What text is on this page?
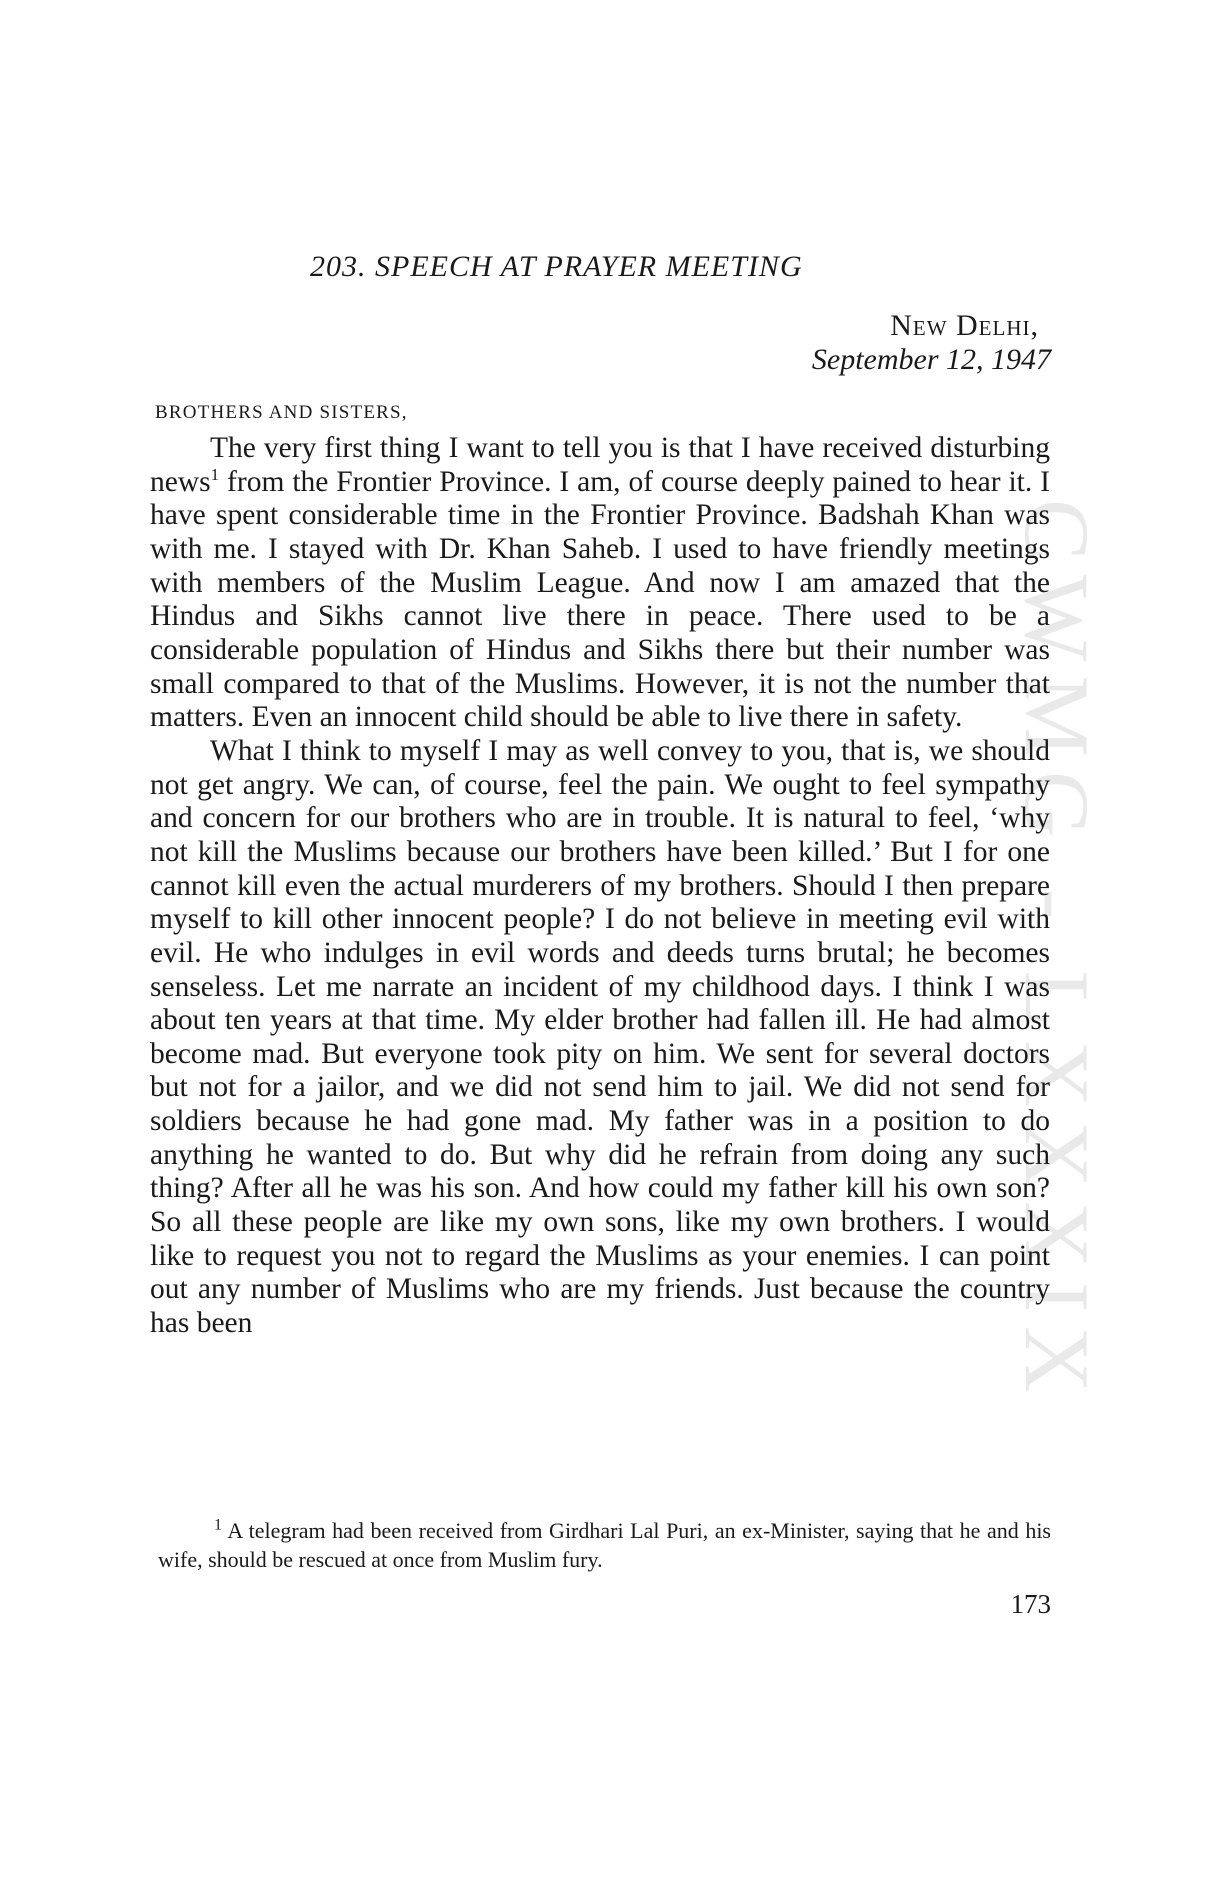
CWMG - LXXXIX
203. SPEECH AT PRAYER MEETING
New Delhi,
September 12, 1947
BROTHERS AND SISTERS,

The very first thing I want to tell you is that I have received disturbing news$^1$ from the Frontier Province. I am, of course deeply pained to hear it. I have spent considerable time in the Frontier Province. Badshah Khan was with me. I stayed with Dr. Khan Saheb. I used to have friendly meetings with members of the Muslim League. And now I am amazed that the Hindus and Sikhs cannot live there in peace. There used to be a considerable population of Hindus and Sikhs there but their number was small compared to that of the Muslims. However, it is not the number that matters. Even an innocent child should be able to live there in safety.

What I think to myself I may as well convey to you, that is, we should not get angry. We can, of course, feel the pain. We ought to feel sympathy and concern for our brothers who are in trouble. It is natural to feel, ‘why not kill the Muslims because our brothers have been killed.’ But I for one cannot kill even the actual murderers of my brothers. Should I then prepare myself to kill other innocent people? I do not believe in meeting evil with evil. He who indulges in evil words and deeds turns brutal; he becomes senseless. Let me narrate an incident of my childhood days. I think I was about ten years at that time. My elder brother had fallen ill. He had almost become mad. But everyone took pity on him. We sent for several doctors but not for a jailor, and we did not send him to jail. We did not send for soldiers because he had gone mad. My father was in a position to do anything he wanted to do. But why did he refrain from doing any such thing? After all he was his son. And how could my father kill his own son? So all these people are like my own sons, like my own brothers. I would like to request you not to regard the Muslims as your enemies. I can point out any number of Muslims who are my friends. Just because the country has been

$^1$ A telegram had been received from Girdhari Lal Puri, an ex-Minister, saying that he and his wife, should be rescued at once from Muslim fury.

173
